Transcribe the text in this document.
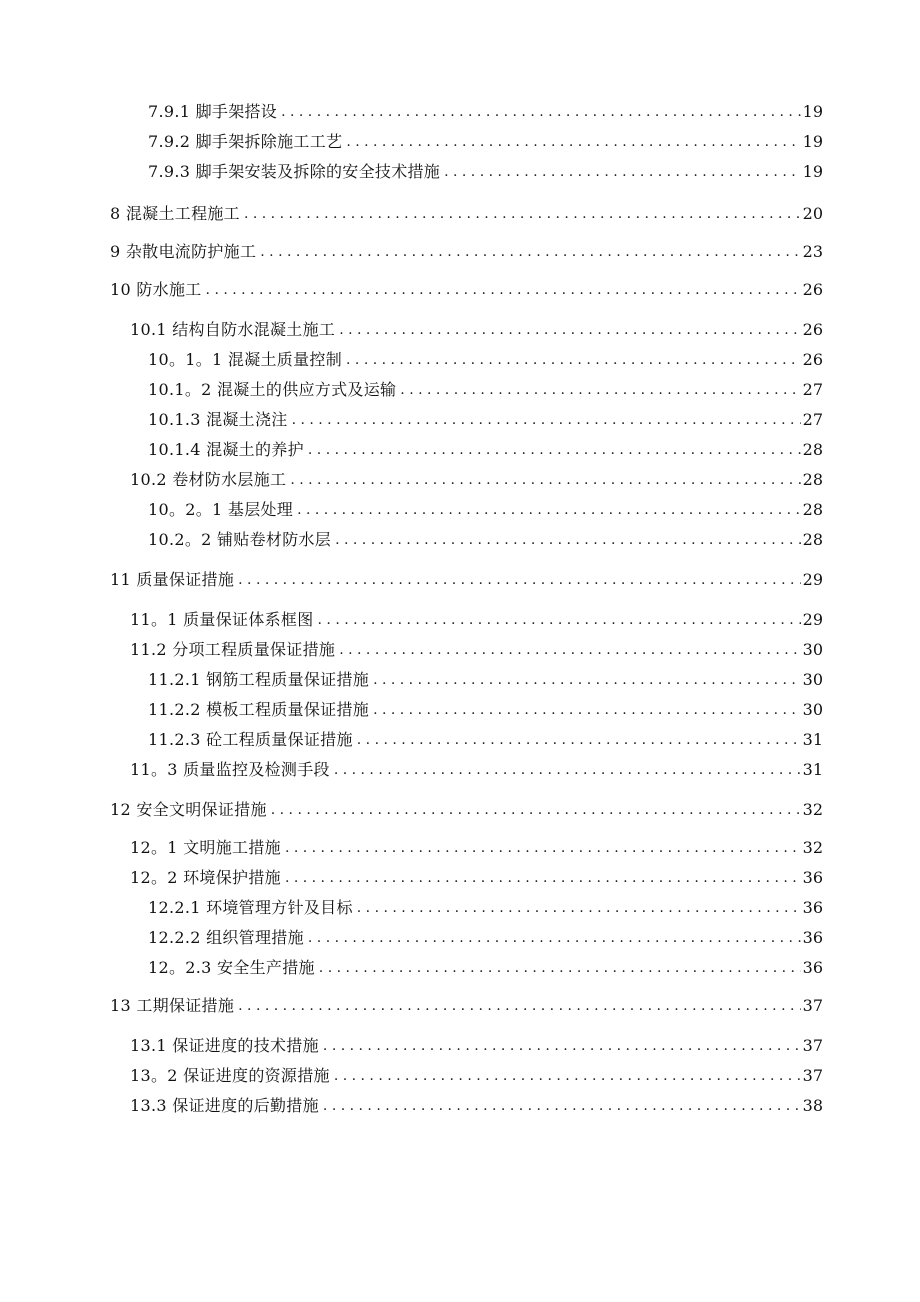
7.9.1 脚手架搭设 . . .	19
7.9.2 脚手架拆除施工工艺 . . .	19
7.9.3 脚手架安装及拆除的安全技术措施 . . .	19
8 混凝土工程施工 . . .	20
9 杂散电流防护施工 . . .	23
10 防水施工 . . .	26
10.1 结构自防水混凝土施工 . . .	26
10。1。1 混凝土质量控制 . . .	26
10.1。2 混凝土的供应方式及运输 . . .	27
10.1.3 混凝土浇注 . . .	27
10.1.4 混凝土的养护 . . .	28
10.2 卷材防水层施工 . . .	28
10。2。1 基层处理 . . .	28
10.2。2 铺贴卷材防水层 . . .	28
11 质量保证措施 . . .	29
11。1 质量保证体系框图 . . .	29
11.2 分项工程质量保证措施 . . .	30
11.2.1 钢筋工程质量保证措施 . . .	30
11.2.2 模板工程质量保证措施 . . .	30
11.2.3 砼工程质量保证措施 . . .	31
11。3 质量监控及检测手段 . . .	31
12 安全文明保证措施 . . .	32
12。1 文明施工措施 . . .	32
12。2 环境保护措施 . . .	36
12.2.1 环境管理方针及目标 . . .	36
12.2.2 组织管理措施 . . .	36
12。2.3 安全生产措施 . . .	36
13 工期保证措施 . . .	37
13.1 保证进度的技术措施 . . .	37
13。2 保证进度的资源措施 . . .	37
13.3 保证进度的后勤措施 . . .	38
